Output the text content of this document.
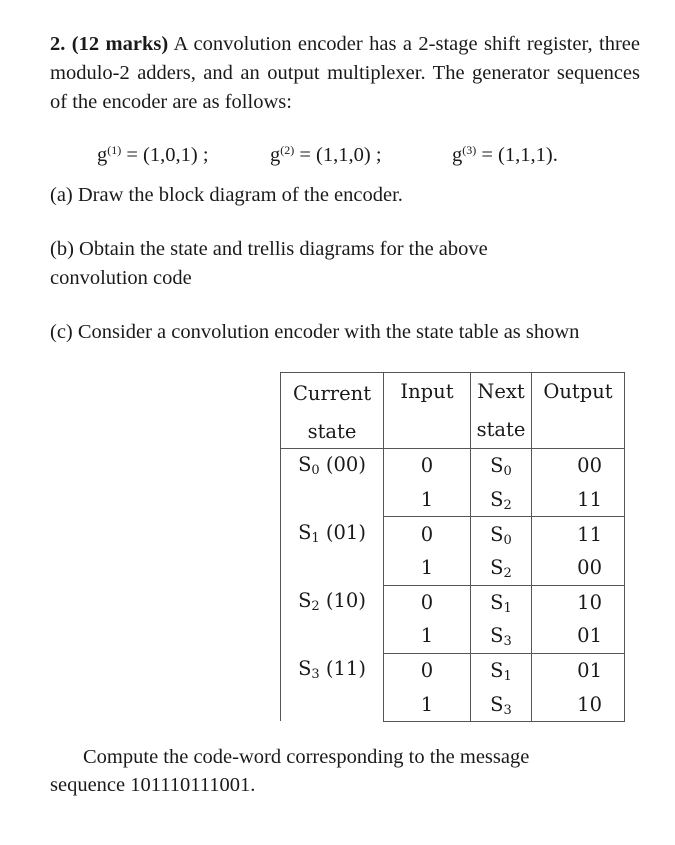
2. (12 marks) A convolution encoder has a 2-stage shift register, three modulo-2 adders, and an output multiplexer. The generator sequences of the encoder are as follows:

$g^{(1)} = (1,0,1)$ ;	$g^{(2)} = (1,1,0)$ ;	$g^{(3)} = (1,1,1)$.

(a) Draw the block diagram of the encoder.

(b) Obtain the state and trellis diagrams for the above convolution code

(c) Consider a convolution encoder with the state table as shown

Current	Input	Next	Output
state		state	
$S_0$ (00)	0	$S_0$	00
	1	$S_2$	11
$S_1$ (01)	0	$S_0$	11
	1	$S_2$	00
$S_2$ (10)	0	$S_1$	10
	1	$S_3$	01
$S_3$ (11)	0	$S_1$	01
	1	$S_3$	10

Compute the code-word corresponding to the message

sequence 101110111001.
